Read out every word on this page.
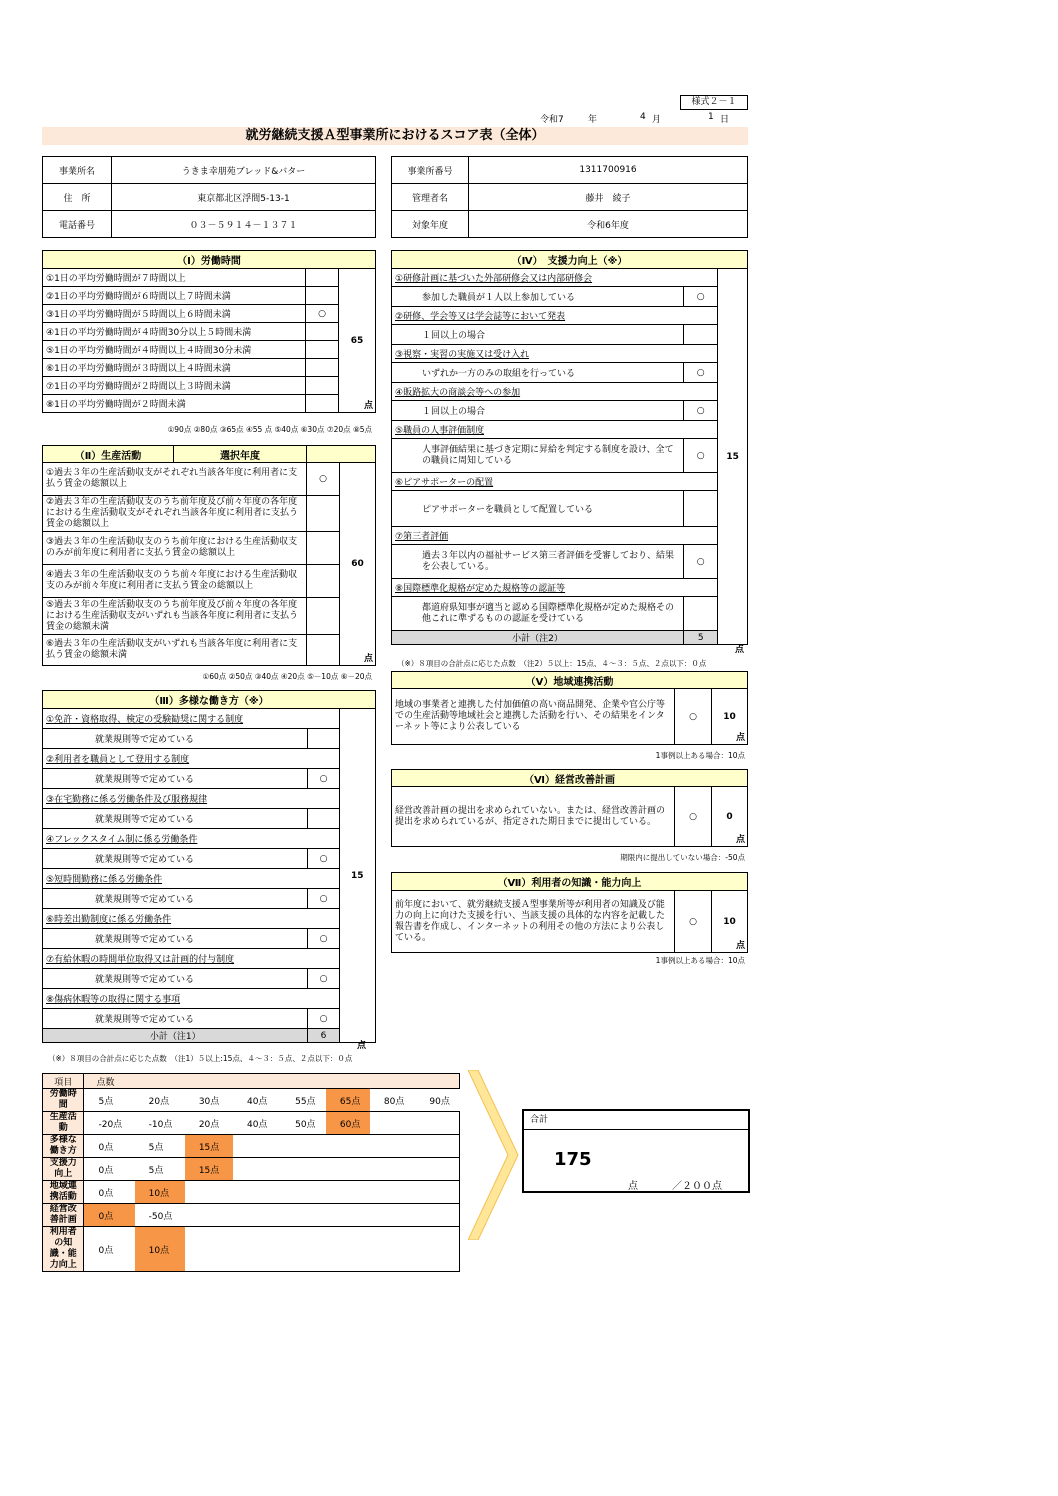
様式２－１
令和7	年	4 月	1 日
就労継続支援Ａ型事業所におけるスコア表（全体）
事業所名	うきま幸朋苑ブレッド&バター
住　所	東京都北区浮間5-13-1
電話番号	０３－５９１４－１３７１
事業所番号	1311700916
管理者名	藤井　綾子
対象年度	令和6年度
（Ⅰ）労働時間		
①1日の平均労働時間が７時間以上		65
点

②1日の平均労働時間が６時間以上７時間未満		
③1日の平均労働時間が５時間以上６時間未満	○	
④1日の平均労働時間が４時間30分以上５時間未満		
⑤1日の平均労働時間が４時間以上４時間30分未満		
⑥1日の平均労働時間が３時間以上４時間未満		
⑦1日の平均労働時間が２時間以上３時間未満		
⑧1日の平均労働時間が２時間未満		
①90点 ②80点 ③65点 ④55 点 ⑤40点 ⑥30点 ⑦20点 ⑧5点
（Ⅱ）生産活動	選択年度		
①過去３年の生産活動収支がそれぞれ当該各年度に利用者に支払う賃金の総額以上		○	60
点

②過去３年の生産活動収支のうち前年度及び前々年度の各年度における生産活動収支がそれぞれ当該各年度に利用者に支払う賃金の総額以上			
③過去３年の生産活動収支のうち前年度における生産活動収支のみが前年度に利用者に支払う賃金の総額以上			
④過去３年の生産活動収支のうち前々年度における生産活動収支のみが前々年度に利用者に支払う賃金の総額以上			
⑤過去３年の生産活動収支のうち前年度及び前々年度の各年度における生産活動収支がいずれも当該各年度に利用者に支払う賃金の総額未満			
⑥過去３年の生産活動収支がいずれも当該各年度に利用者に支払う賃金の総額未満			
①60点 ②50点 ③40点 ④20点 ⑤－10点 ⑥－20点
（Ⅲ）多様な働き方（※）		
①免許・資格取得、検定の受験勧奨に関する制度		15
就業規則等で定めている		
②利用者を職員として登用する制度		
就業規則等で定めている	○	
③在宅勤務に係る労働条件及び服務規律		
就業規則等で定めている		
④フレックスタイム制に係る労働条件		
就業規則等で定めている	○	
⑤短時間勤務に係る労働条件		
就業規則等で定めている	○	
⑥時差出勤制度に係る労働条件		
就業規則等で定めている	○	
⑦有給休暇の時間単位取得又は計画的付与制度		
就業規則等で定めている	○	
⑧傷病休暇等の取得に関する事項		
就業規則等で定めている	○	
小計（注1）	6	
点
（※）８項目の合計点に応じた点数　（注1）５以上:15点、４～３：５点、２点以下：０点
（Ⅳ）　支援力向上（※）		
①研修計画に基づいた外部研修会又は内部研修会		15
参加した職員が１人以上参加している	○	
②研修、学会等又は学会誌等において発表		
１回以上の場合		
③視察・実習の実施又は受け入れ		
いずれか一方のみの取組を行っている	○	
④販路拡大の商談会等への参加		
１回以上の場合	○	
⑤職員の人事評価制度		
人事評価結果に基づき定期に昇給を判定する制度を設け、全ての職員に周知している	○	
⑥ピアサポーターの配置		
ピアサポーターを職員として配置している		
⑦第三者評価		
過去３年以内の福祉サービス第三者評価を受審しており、結果を公表している。	○	
⑧国際標準化規格が定めた規格等の認証等		
都道府県知事が適当と認める国際標準化規格が定めた規格その他これに準ずるものの認証を受けている		
小計（注2）	5	
点
（※）８項目の合計点に応じた点数　（注2）５以上：15点、４～３：５点、２点以下：０点
（Ⅴ）地域連携活動
地域の事業者と連携した付加価値の高い商品開発、企業や官公庁等での生産活動等地域社会と連携した活動を行い、その結果をインターネット等により公表している	○	10
点
1事例以上ある場合：10点
（Ⅵ）経営改善計画
経営改善計画の提出を求められていない。または、経営改善計画の提出を求められているが、指定された期日までに提出している。	○	0
点
期限内に提出していない場合：-50点
（Ⅶ）利用者の知識・能力向上
前年度において、就労継続支援Ａ型事業所等が利用者の知識及び能力の向上に向けた支援を行い、当該支援の具体的な内容を記載した報告書を作成し、インターネットの利用その他の方法により公表している。	○	10
点
1事例以上ある場合：10点
項目	点数							
労働時間	5点	20点	30点	40点	55点	65点	80点	90点
生産活動	-20点	-10点	20点	40点	50点	60点		
多様な働き方	0点	5点	15点					
支援力向上	0点	5点	15点					
地域連携活動	0点	10点						
経営改善計画	0点	-50点						
利用者の知識・能力向上	0点	10点						
合計
175
点	／２００点
